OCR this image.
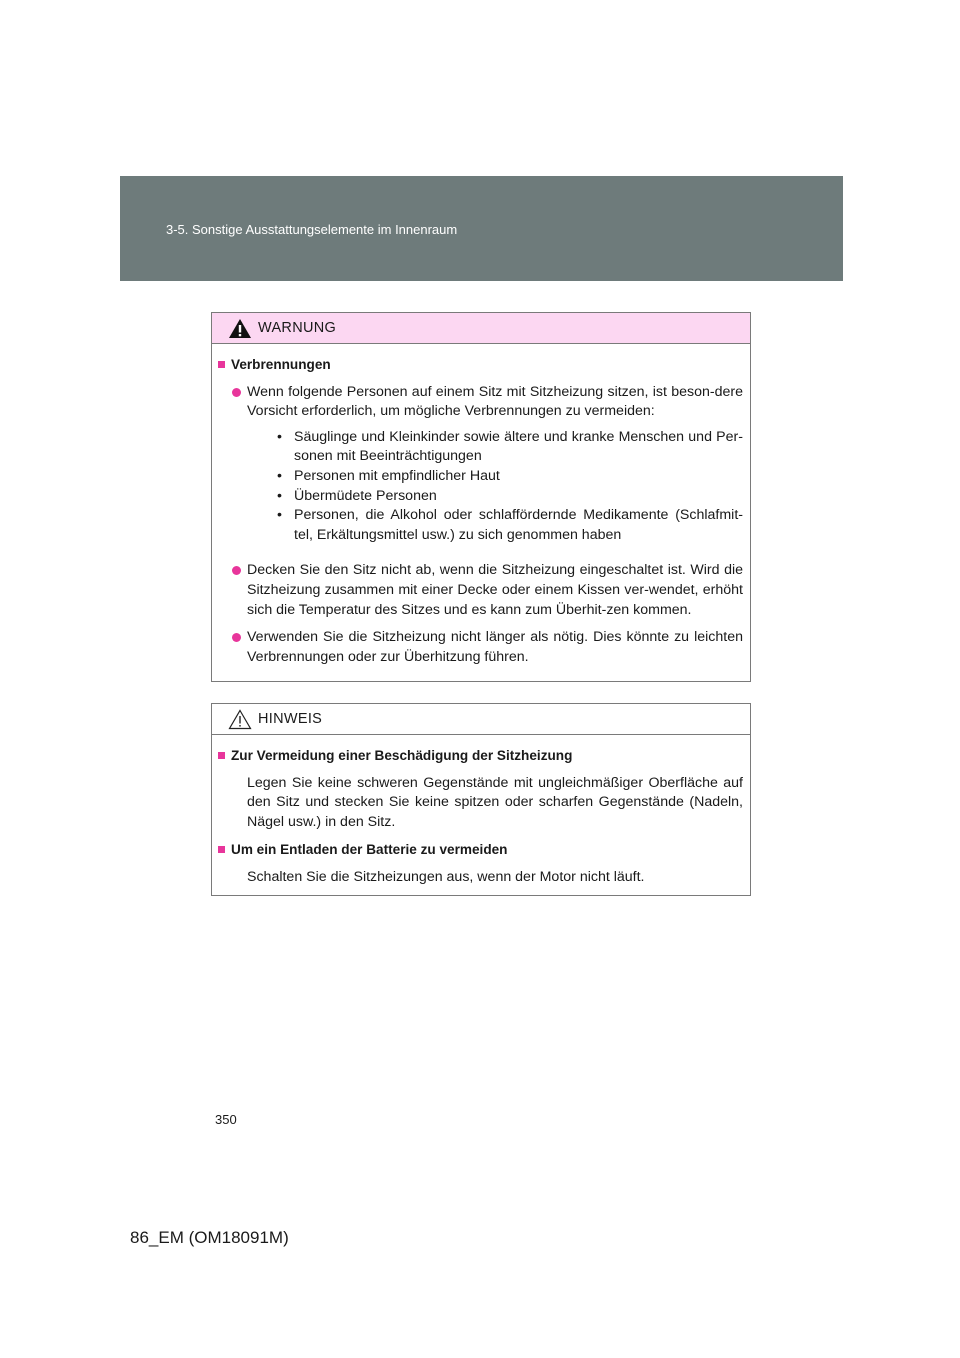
3-5. Sonstige Ausstattungselemente im Innenraum
WARNUNG
Verbrennungen
Wenn folgende Personen auf einem Sitz mit Sitzheizung sitzen, ist beson-dere Vorsicht erforderlich, um mögliche Verbrennungen zu vermeiden:
• Säuglinge und Kleinkinder sowie ältere und kranke Menschen und Per-sonen mit Beeinträchtigungen
• Personen mit empfindlicher Haut
• Übermüdete Personen
• Personen, die Alkohol oder schlaffördernde Medikamente (Schlafmit-tel, Erkältungsmittel usw.) zu sich genommen haben
Decken Sie den Sitz nicht ab, wenn die Sitzheizung eingeschaltet ist. Wird die Sitzheizung zusammen mit einer Decke oder einem Kissen ver-wendet, erhöht sich die Temperatur des Sitzes und es kann zum Überhit-zen kommen.
Verwenden Sie die Sitzheizung nicht länger als nötig. Dies könnte zu leichten Verbrennungen oder zur Überhitzung führen.
HINWEIS
Zur Vermeidung einer Beschädigung der Sitzheizung
Legen Sie keine schweren Gegenstände mit ungleichmäßiger Oberfläche auf den Sitz und stecken Sie keine spitzen oder scharfen Gegenstände (Nadeln, Nägel usw.) in den Sitz.
Um ein Entladen der Batterie zu vermeiden
Schalten Sie die Sitzheizungen aus, wenn der Motor nicht läuft.
350
86_EM (OM18091M)
